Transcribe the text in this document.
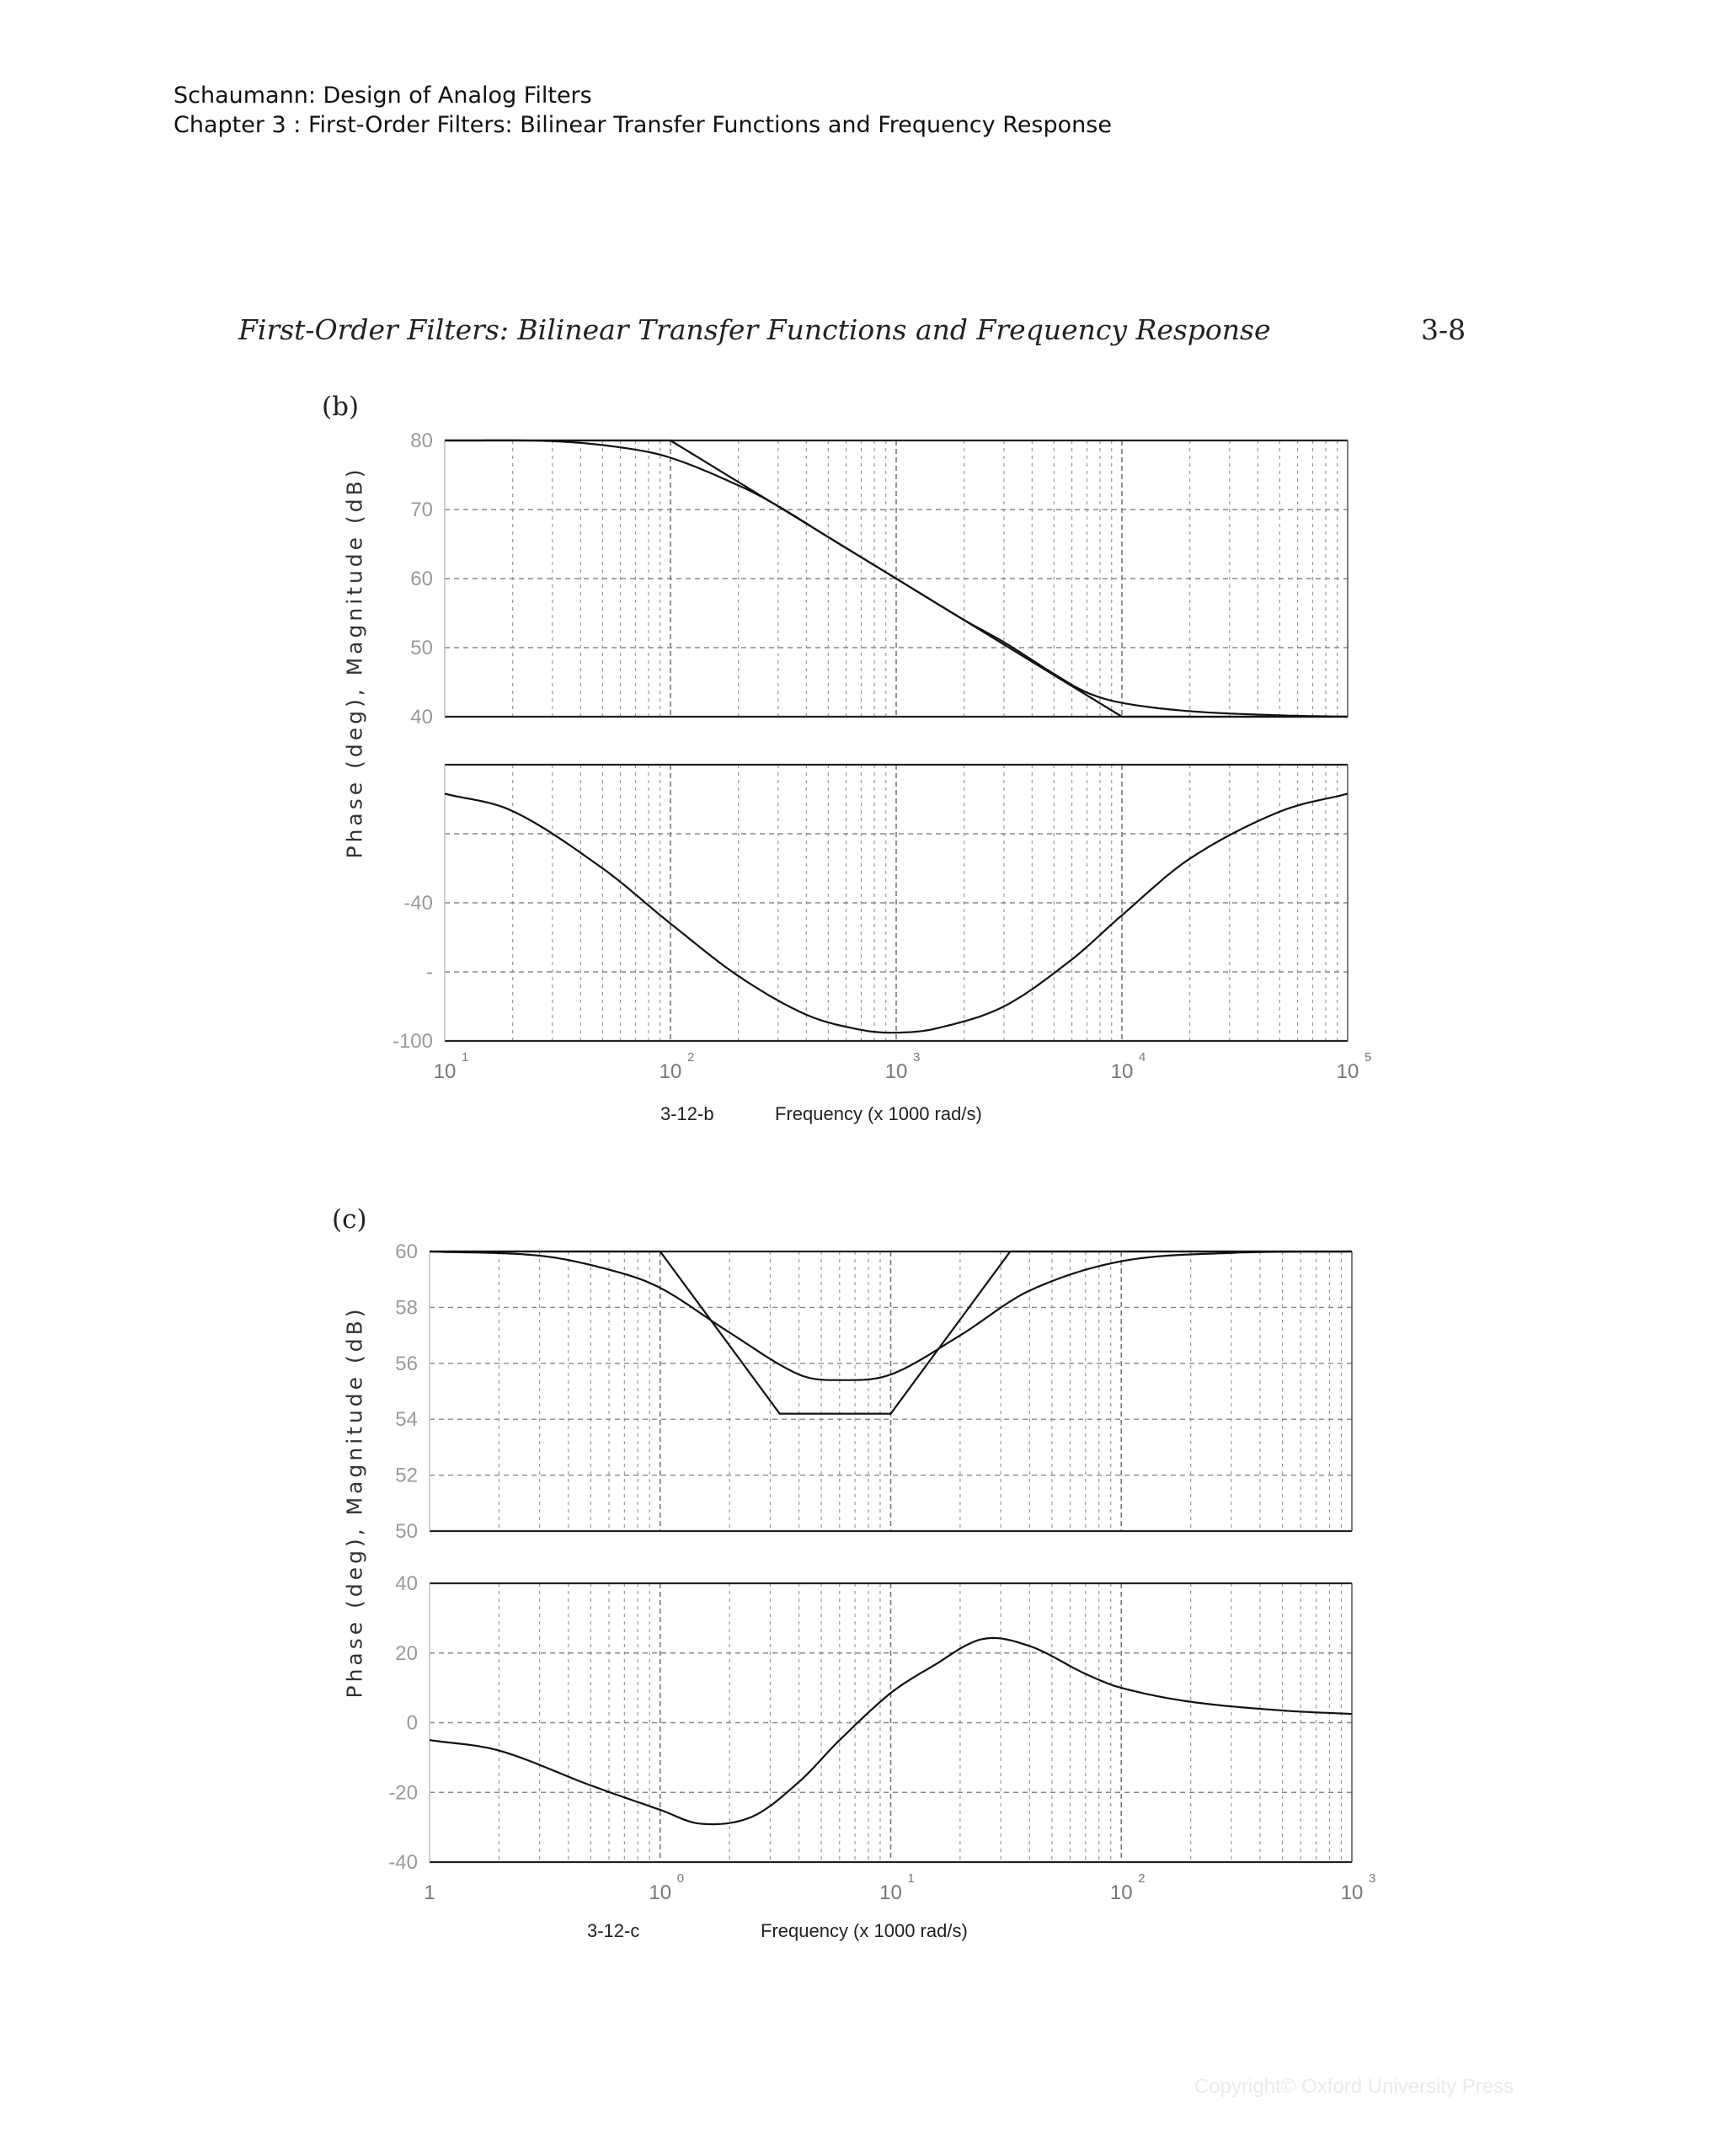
Schaumann: Design of Analog Filters
Chapter 3 : First-Order Filters: Bilinear Transfer Functions and Frequency Response
First-Order Filters: Bilinear Transfer Functions and Frequency Response	3-8
(b)
(c)
Phase (deg), Magnitude (dB)
Phase (deg), Magnitude (dB)
3-12-b	Frequency (x 1000 rad/s)
3-12-c	Frequency (x 1000 rad/s)
80
70
60
50
40
-40
-
-100
60
58
56
54
52
50
40
20
0
-20
-40
10
1
10
2
10
3
10
4
10
5
1	10
0
10
1
10
2
10
3
Copyright© Oxford University Press
